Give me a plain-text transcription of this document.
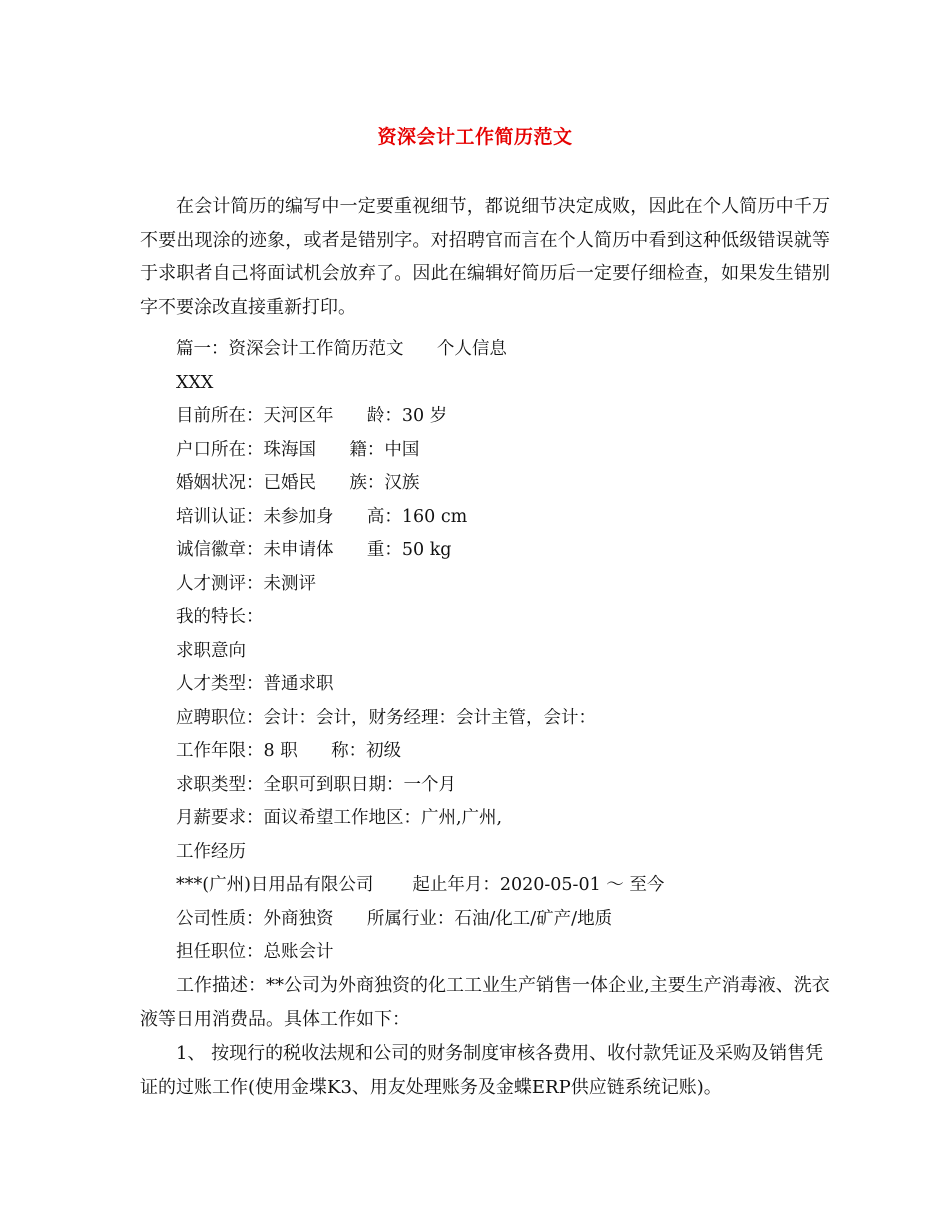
资深会计工作简历范文
在会计简历的编写中一定要重视细节，都说细节决定成败，因此在个人简历中千万不要出现涂的迹象，或者是错别字。对招聘官而言在个人简历中看到这种低级错误就等于求职者自己将面试机会放弃了。因此在编辑好简历后一定要仔细检查，如果发生错别字不要涂改直接重新打印。
篇一：资深会计工作简历范文      个人信息
XXX
目前所在：天河区年      龄：30 岁
户口所在：珠海国      籍：中国
婚姻状况：已婚民      族：汉族
培训认证：未参加身      高：160 cm
诚信徽章：未申请体      重：50 kg
人才测评：未测评
我的特长：
求职意向
人才类型：普通求职
应聘职位：会计：会计，财务经理：会计主管，会计：
工作年限：8 职      称：初级
求职类型：全职可到职日期：一个月
月薪要求：面议希望工作地区：广州,广州,
工作经历
***(广州)日用品有限公司       起止年月：2020-05-01 ～ 至今
公司性质：外商独资      所属行业：石油/化工/矿产/地质
担任职位：总账会计
工作描述：**公司为外商独资的化工工业生产销售一体企业,主要生产消毒液、洗衣液等日用消费品。具体工作如下：
1、 按现行的税收法规和公司的财务制度审核各费用、收付款凭证及采购及销售凭证的过账工作(使用金堞K3、用友处理账务及金蝶ERP供应链系统记账)。
